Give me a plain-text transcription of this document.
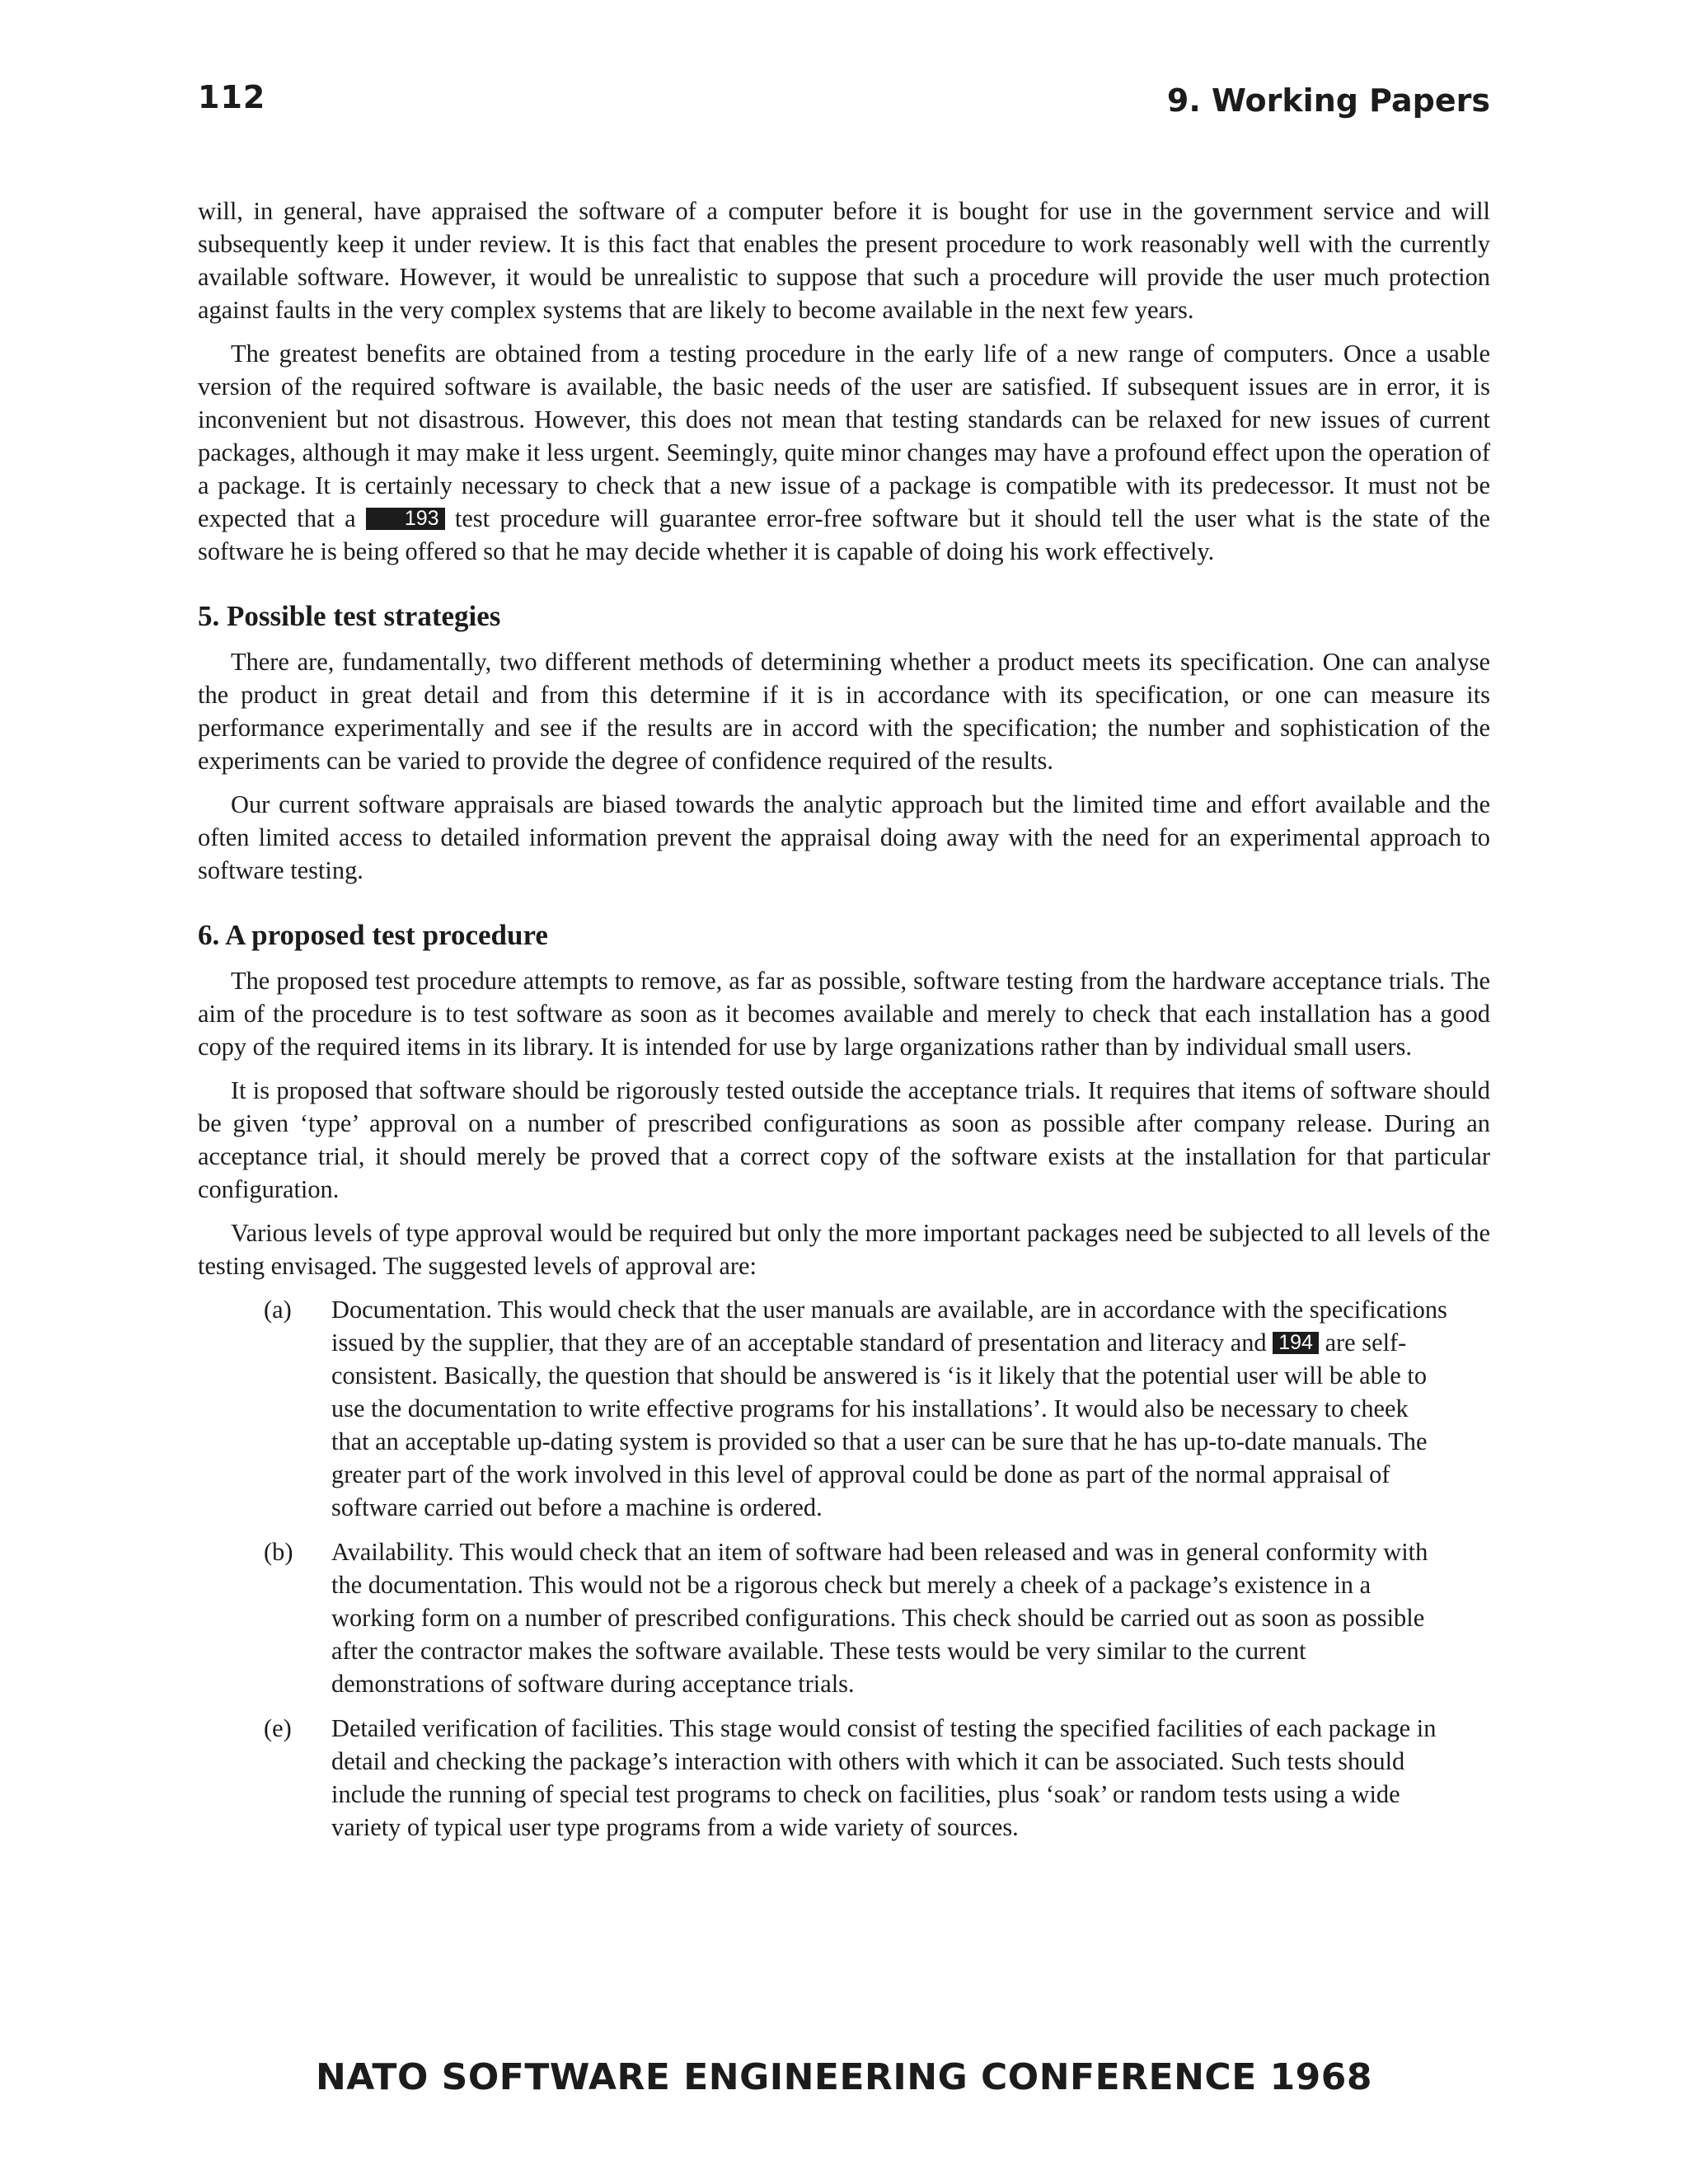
112	9. Working Papers

will, in general, have appraised the software of a computer before it is bought for use in the government service and will subsequently keep it under review. It is this fact that enables the present procedure to work reasonably well with the currently available software. However, it would be unrealistic to suppose that such a procedure will provide the user much protection against faults in the very complex systems that are likely to become available in the next few years.

The greatest benefits are obtained from a testing procedure in the early life of a new range of computers. Once a usable version of the required software is available, the basic needs of the user are satisfied. If subsequent issues are in error, it is inconvenient but not disastrous. However, this does not mean that testing standards can be relaxed for new issues of current packages, although it may make it less urgent. Seemingly, quite minor changes may have a profound effect upon the operation of a package. It is certainly necessary to check that a new issue of a package is compatible with its predecessor. It must not be expected that a 193 test procedure will guarantee error-free software but it should tell the user what is the state of the software he is being offered so that he may decide whether it is capable of doing his work effectively.

5. Possible test strategies

There are, fundamentally, two different methods of determining whether a product meets its specification. One can analyse the product in great detail and from this determine if it is in accordance with its specification, or one can measure its performance experimentally and see if the results are in accord with the specification; the number and sophistication of the experiments can be varied to provide the degree of confidence required of the results.

Our current software appraisals are biased towards the analytic approach but the limited time and effort available and the often limited access to detailed information prevent the appraisal doing away with the need for an experimental approach to software testing.

6. A proposed test procedure

The proposed test procedure attempts to remove, as far as possible, software testing from the hardware acceptance trials. The aim of the procedure is to test software as soon as it becomes available and merely to check that each installation has a good copy of the required items in its library. It is intended for use by large organizations rather than by individual small users.

It is proposed that software should be rigorously tested outside the acceptance trials. It requires that items of software should be given ‘type’ approval on a number of prescribed configurations as soon as possible after company release. During an acceptance trial, it should merely be proved that a correct copy of the software exists at the installation for that particular configuration.

Various levels of type approval would be required but only the more important packages need be subjected to all levels of the testing envisaged. The suggested levels of approval are:

(a) Documentation. This would check that the user manuals are available, are in accordance with the specifications issued by the supplier, that they are of an acceptable standard of presentation and literacy and 194 are self-consistent. Basically, the question that should be answered is ‘is it likely that the potential user will be able to use the documentation to write effective programs for his installations’. It would also be necessary to cheek that an acceptable up-dating system is provided so that a user can be sure that he has up-to-date manuals. The greater part of the work involved in this level of approval could be done as part of the normal appraisal of software carried out before a machine is ordered.
(b) Availability. This would check that an item of software had been released and was in general conformity with the documentation. This would not be a rigorous check but merely a cheek of a package’s existence in a working form on a number of prescribed configurations. This check should be carried out as soon as possible after the contractor makes the software available. These tests would be very similar to the current demonstrations of software during acceptance trials.
(e) Detailed verification of facilities. This stage would consist of testing the specified facilities of each package in detail and checking the package’s interaction with others with which it can be associated. Such tests should include the running of special test programs to check on facilities, plus ‘soak’ or random tests using a wide variety of typical user type programs from a wide variety of sources.
NATO SOFTWARE ENGINEERING CONFERENCE 1968
